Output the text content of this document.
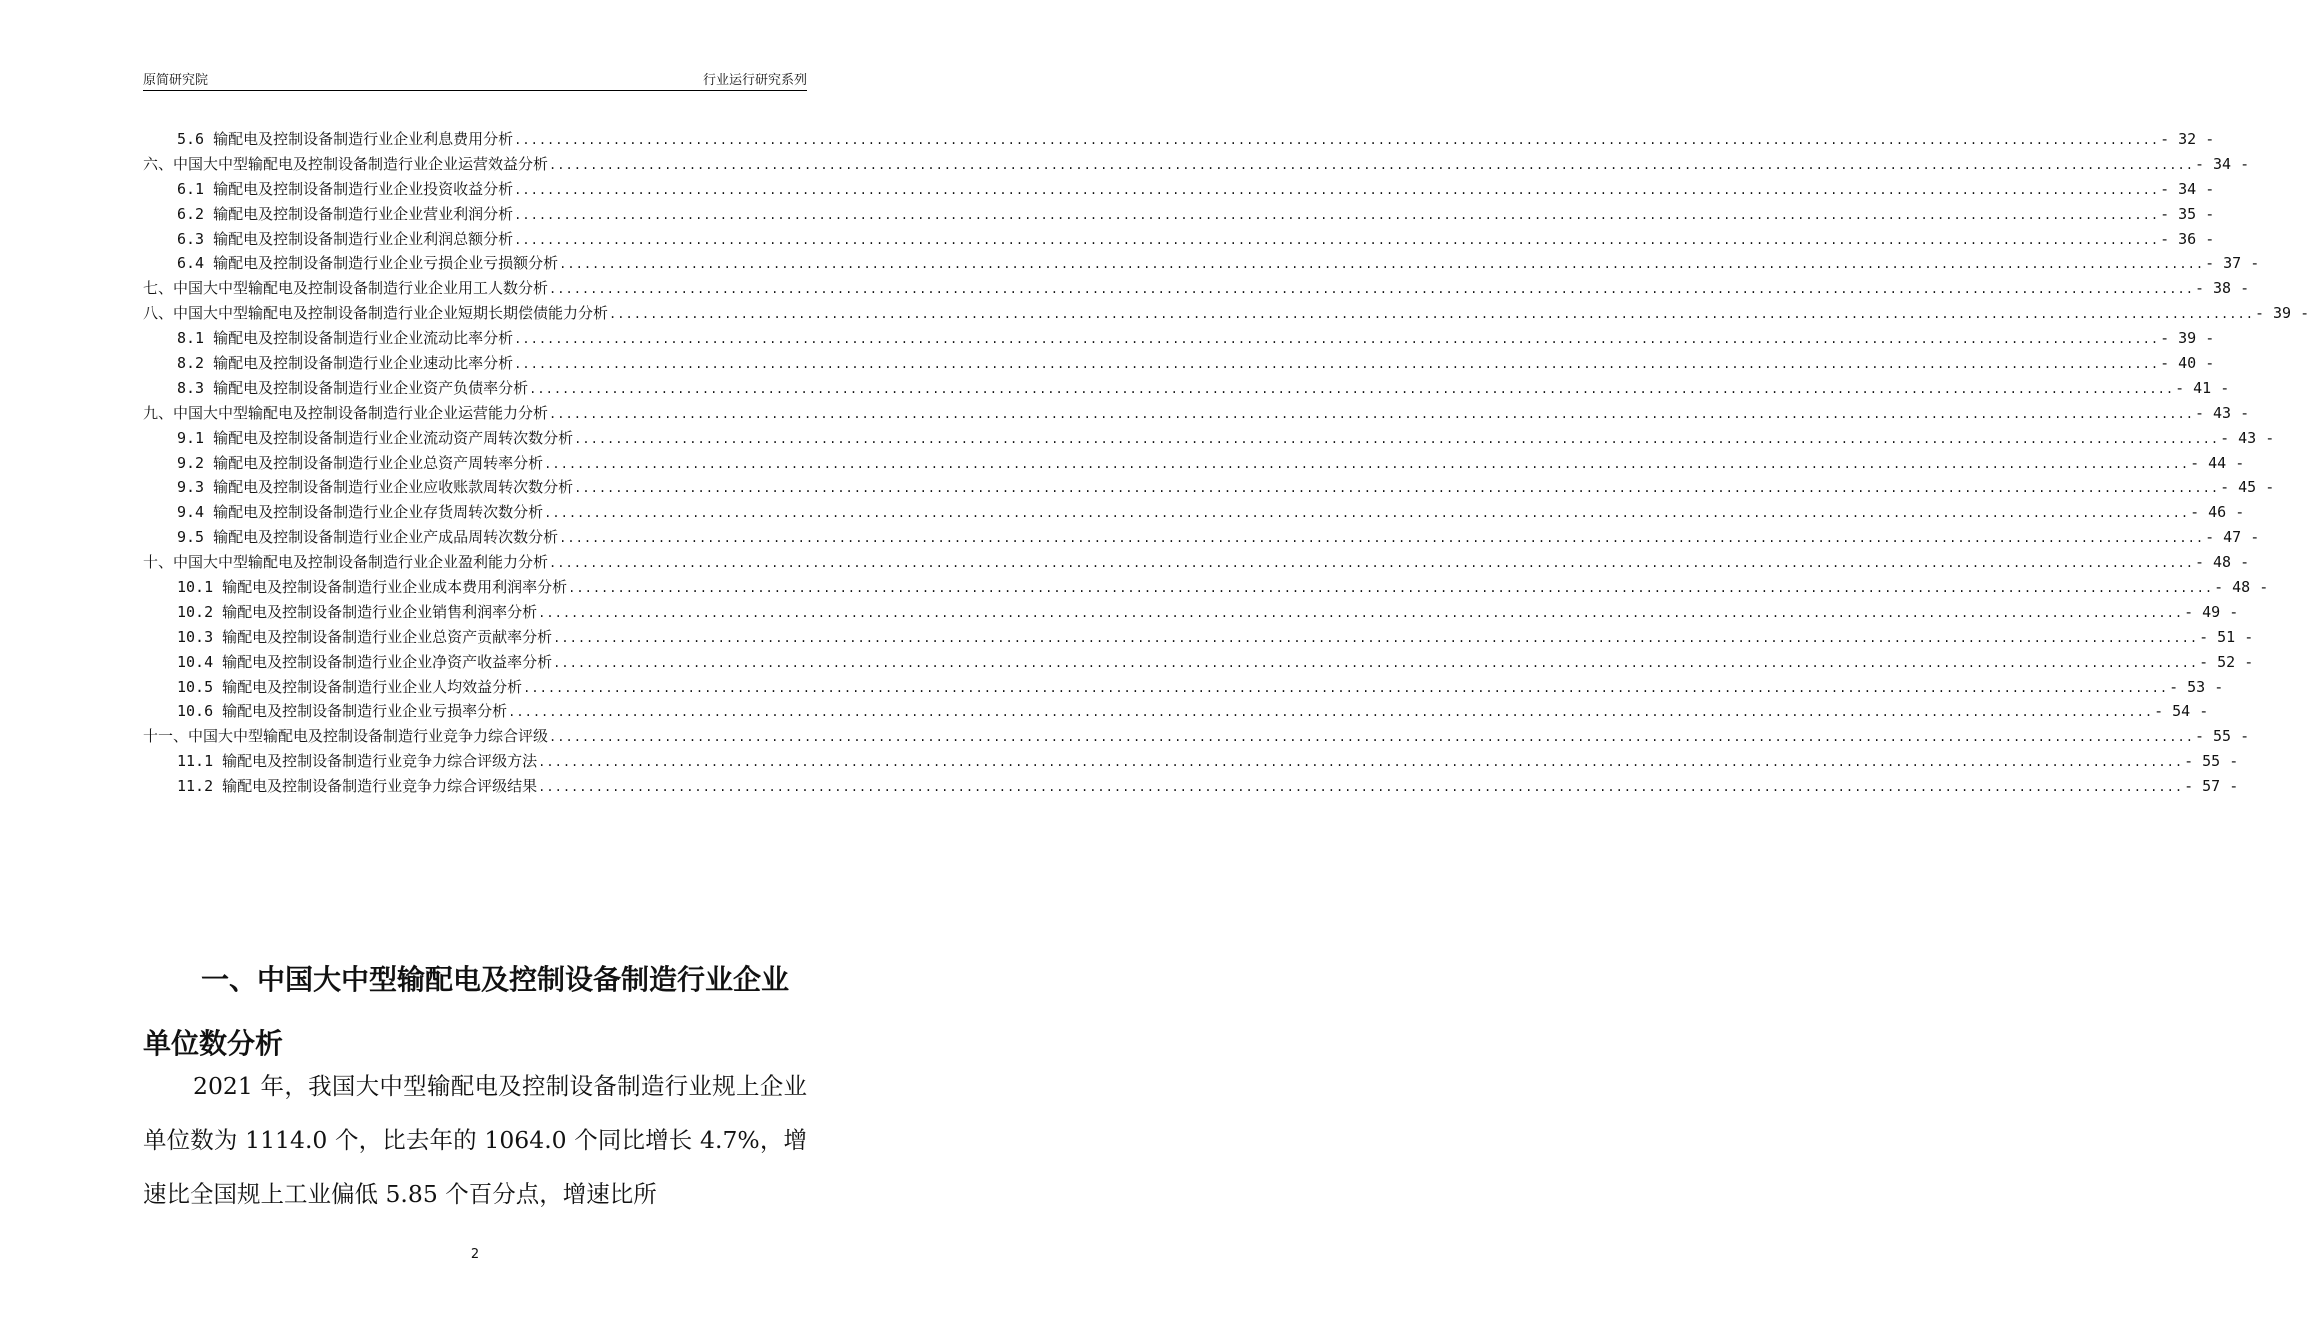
原简研究院	行业运行研究系列
5.6 输配电及控制设备制造行业企业利息费用分析 ........................................................................................................................................................................................................ - 32 -
六、中国大中型输配电及控制设备制造行业企业运营效益分析 ........................................................................................................................................................................................................ - 34 -
6.1 输配电及控制设备制造行业企业投资收益分析 ........................................................................................................................................................................................................ - 34 -
6.2 输配电及控制设备制造行业企业营业利润分析 ........................................................................................................................................................................................................ - 35 -
6.3 输配电及控制设备制造行业企业利润总额分析 ........................................................................................................................................................................................................ - 36 -
6.4 输配电及控制设备制造行业企业亏损企业亏损额分析 ........................................................................................................................................................................................................ - 37 -
七、中国大中型输配电及控制设备制造行业企业用工人数分析 ........................................................................................................................................................................................................ - 38 -
八、中国大中型输配电及控制设备制造行业企业短期长期偿债能力分析 ........................................................................................................................................................................................................ - 39 -
8.1 输配电及控制设备制造行业企业流动比率分析 ........................................................................................................................................................................................................ - 39 -
8.2 输配电及控制设备制造行业企业速动比率分析 ........................................................................................................................................................................................................ - 40 -
8.3 输配电及控制设备制造行业企业资产负债率分析 ........................................................................................................................................................................................................ - 41 -
九、中国大中型输配电及控制设备制造行业企业运营能力分析 ........................................................................................................................................................................................................ - 43 -
9.1 输配电及控制设备制造行业企业流动资产周转次数分析 ........................................................................................................................................................................................................ - 43 -
9.2 输配电及控制设备制造行业企业总资产周转率分析 ........................................................................................................................................................................................................ - 44 -
9.3 输配电及控制设备制造行业企业应收账款周转次数分析 ........................................................................................................................................................................................................ - 45 -
9.4 输配电及控制设备制造行业企业存货周转次数分析 ........................................................................................................................................................................................................ - 46 -
9.5 输配电及控制设备制造行业企业产成品周转次数分析 ........................................................................................................................................................................................................ - 47 -
十、中国大中型输配电及控制设备制造行业企业盈利能力分析 ........................................................................................................................................................................................................ - 48 -
10.1 输配电及控制设备制造行业企业成本费用利润率分析 ........................................................................................................................................................................................................ - 48 -
10.2 输配电及控制设备制造行业企业销售利润率分析 ........................................................................................................................................................................................................ - 49 -
10.3 输配电及控制设备制造行业企业总资产贡献率分析 ........................................................................................................................................................................................................ - 51 -
10.4 输配电及控制设备制造行业企业净资产收益率分析 ........................................................................................................................................................................................................ - 52 -
10.5 输配电及控制设备制造行业企业人均效益分析 ........................................................................................................................................................................................................ - 53 -
10.6 输配电及控制设备制造行业企业亏损率分析 ........................................................................................................................................................................................................ - 54 -
十一、中国大中型输配电及控制设备制造行业竞争力综合评级 ........................................................................................................................................................................................................ - 55 -
11.1 输配电及控制设备制造行业竞争力综合评级方法 ........................................................................................................................................................................................................ - 55 -
11.2 输配电及控制设备制造行业竞争力综合评级结果 ........................................................................................................................................................................................................ - 57 -
一、中国大中型输配电及控制设备制造行业企业单位数分析

2021 年，我国大中型输配电及控制设备制造行业规上企业单位数为 1114.0 个，比去年的 1064.0 个同比增长 4.7%，增速比全国规上工业偏低 5.85 个百分点，增速比所

2
